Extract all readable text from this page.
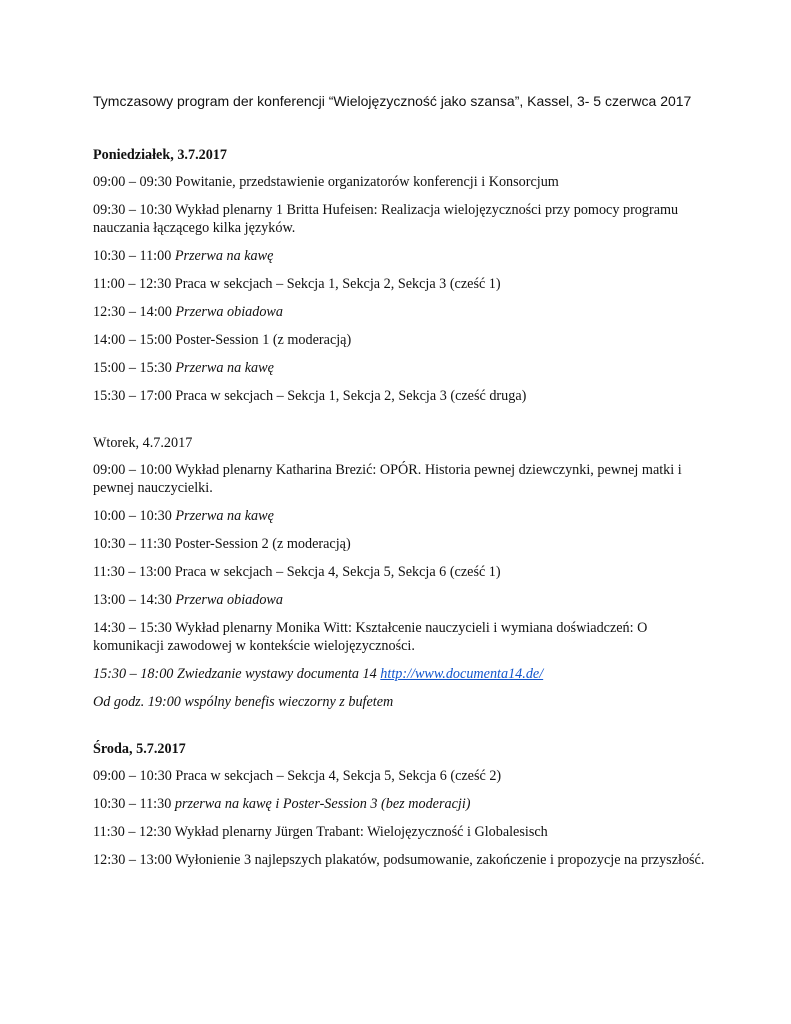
Tymczasowy program der konferencji “Wielojęzyczność jako szansa”, Kassel, 3- 5 czerwca 2017
Poniedziałek, 3.7.2017
09:00 – 09:30 Powitanie, przedstawienie organizatorów konferencji i Konsorcjum
09:30 – 10:30 Wykład plenarny 1 Britta Hufeisen: Realizacja wielojęzyczności przy pomocy programu nauczania łączącego kilka języków.
10:30 – 11:00 Przerwa na kawę
11:00 – 12:30 Praca w sekcjach – Sekcja 1, Sekcja 2, Sekcja 3 (cześć 1)
12:30 – 14:00 Przerwa obiadowa
14:00 – 15:00 Poster-Session 1 (z moderacją)
15:00 – 15:30 Przerwa na kawę
15:30 – 17:00 Praca w sekcjach – Sekcja 1, Sekcja 2, Sekcja 3 (cześć druga)
Wtorek, 4.7.2017
09:00 – 10:00 Wykład plenarny Katharina Brezić: OPÓR. Historia pewnej dziewczynki, pewnej matki i pewnej nauczycielki.
10:00 – 10:30 Przerwa na kawę
10:30 – 11:30 Poster-Session 2 (z moderacją)
11:30 – 13:00 Praca w sekcjach – Sekcja 4, Sekcja 5, Sekcja 6 (cześć 1)
13:00 – 14:30 Przerwa obiadowa
14:30 – 15:30 Wykład plenarny Monika Witt: Kształcenie nauczycieli i wymiana doświadczeń: O komunikacji zawodowej w kontekście wielojęzyczności.
15:30 – 18:00 Zwiedzanie wystawy documenta 14 http://www.documenta14.de/
Od godz. 19:00 wspólny benefis wieczorny z bufetem
Środa, 5.7.2017
09:00 – 10:30 Praca w sekcjach – Sekcja 4, Sekcja 5, Sekcja 6 (cześć 2)
10:30 – 11:30 przerwa na kawę i Poster-Session 3 (bez moderacji)
11:30 – 12:30 Wykład plenarny Jürgen Trabant: Wielojęzyczność i Globalesisch
12:30 – 13:00 Wyłonienie 3 najlepszych plakatów, podsumowanie, zakończenie i propozycje na przyszłość.
